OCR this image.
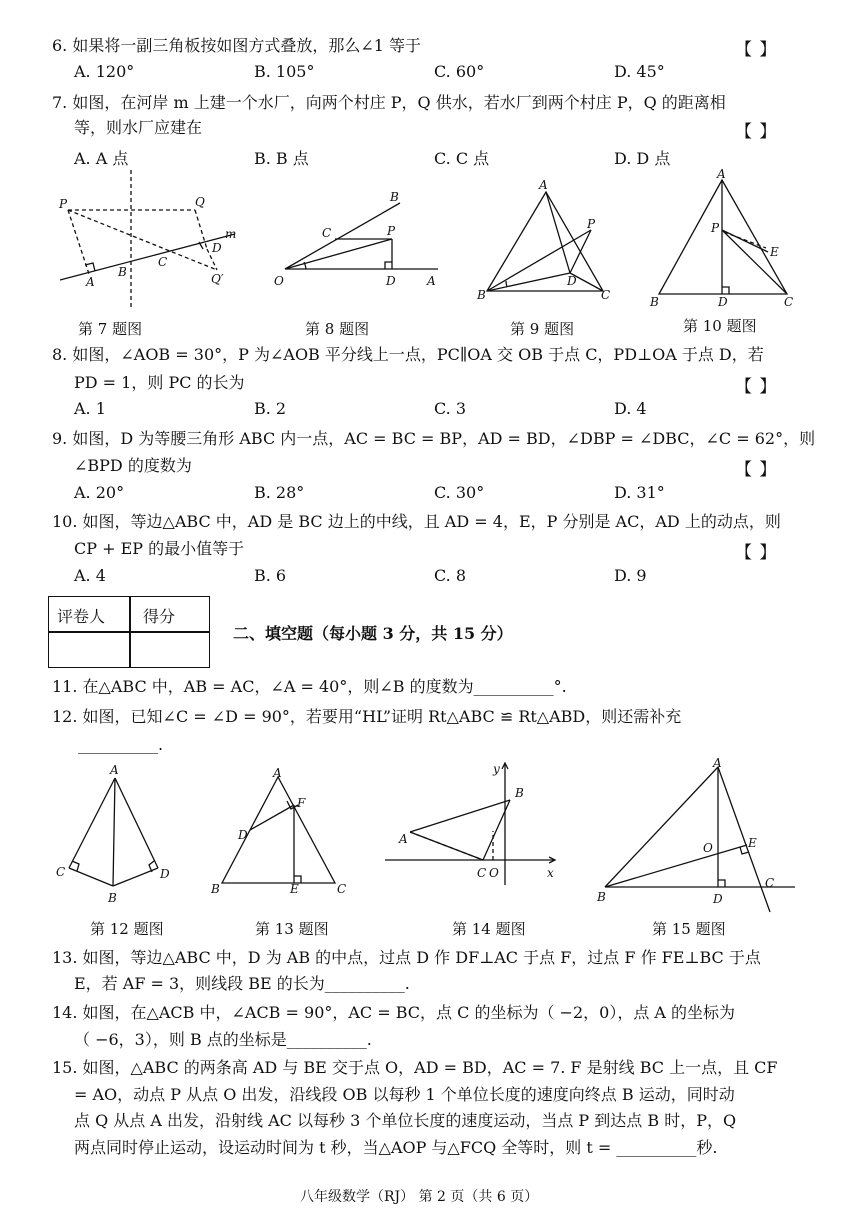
6. 如果将一副三角板按如图方式叠放，那么∠1 等于	【 】
A. 120°	B. 105°	C. 60°	D. 45°
7. 如图，在河岸 m 上建一个水厂，向两个村庄 P，Q 供水，若水厂到两个村庄 P，Q 的距离相
等，则水厂应建在	【 】
A. A 点	B. B 点	C. C 点	D. D 点
P	Q
m
A
B
C
D
Q′
B
C	P
O	D	A
A
P
D
B	C
A
P
E
B	D	C
第 7 题图	第 8 题图	第 9 题图	第 10 题图
8. 如图，∠AOB = 30°，P 为∠AOB 平分线上一点，PC∥OA 交 OB 于点 C，PD⊥OA 于点 D，若
PD = 1，则 PC 的长为	【 】
A. 1	B. 2	C. 3	D. 4
9. 如图，D 为等腰三角形 ABC 内一点，AC = BC = BP，AD = BD，∠DBP = ∠DBC，∠C = 62°，则
∠BPD 的度数为	【 】
A. 20°	B. 28°	C. 30°	D. 31°
10. 如图，等边△ABC 中，AD 是 BC 边上的中线，且 AD = 4，E，P 分别是 AC，AD 上的动点，则
CP + EP 的最小值等于	【 】
A. 4	B. 6	C. 8	D. 9
评卷人 得分
二、填空题（每小题 3 分，共 15 分）
11. 在△ABC 中，AB = AC，∠A = 40°，则∠B 的度数为__________°.
12. 如图，已知∠C = ∠D = 90°，若要用“HL”证明 Rt△ABC ≌ Rt△ABD，则还需补充
__________.
A
C	D
B
A
F
D
B	E	C
y
B
A
C O	x
A
E
O
B	D
C
第 12 题图	第 13 题图	第 14 题图	第 15 题图
13. 如图，等边△ABC 中，D 为 AB 的中点，过点 D 作 DF⊥AC 于点 F，过点 F 作 FE⊥BC 于点
E，若 AF = 3，则线段 BE 的长为__________.
14. 如图，在△ACB 中，∠ACB = 90°，AC = BC，点 C 的坐标为（ −2，0），点 A 的坐标为
（ −6，3），则 B 点的坐标是__________.
15. 如图，△ABC 的两条高 AD 与 BE 交于点 O，AD = BD，AC = 7. F 是射线 BC 上一点，且 CF
= AO，动点 P 从点 O 出发，沿线段 OB 以每秒 1 个单位长度的速度向终点 B 运动，同时动
点 Q 从点 A 出发，沿射线 AC 以每秒 3 个单位长度的速度运动，当点 P 到达点 B 时，P，Q
两点同时停止运动，设运动时间为 t 秒，当△AOP 与△FCQ 全等时，则 t = __________秒.
八年级数学（RJ） 第 2 页（共 6 页）
